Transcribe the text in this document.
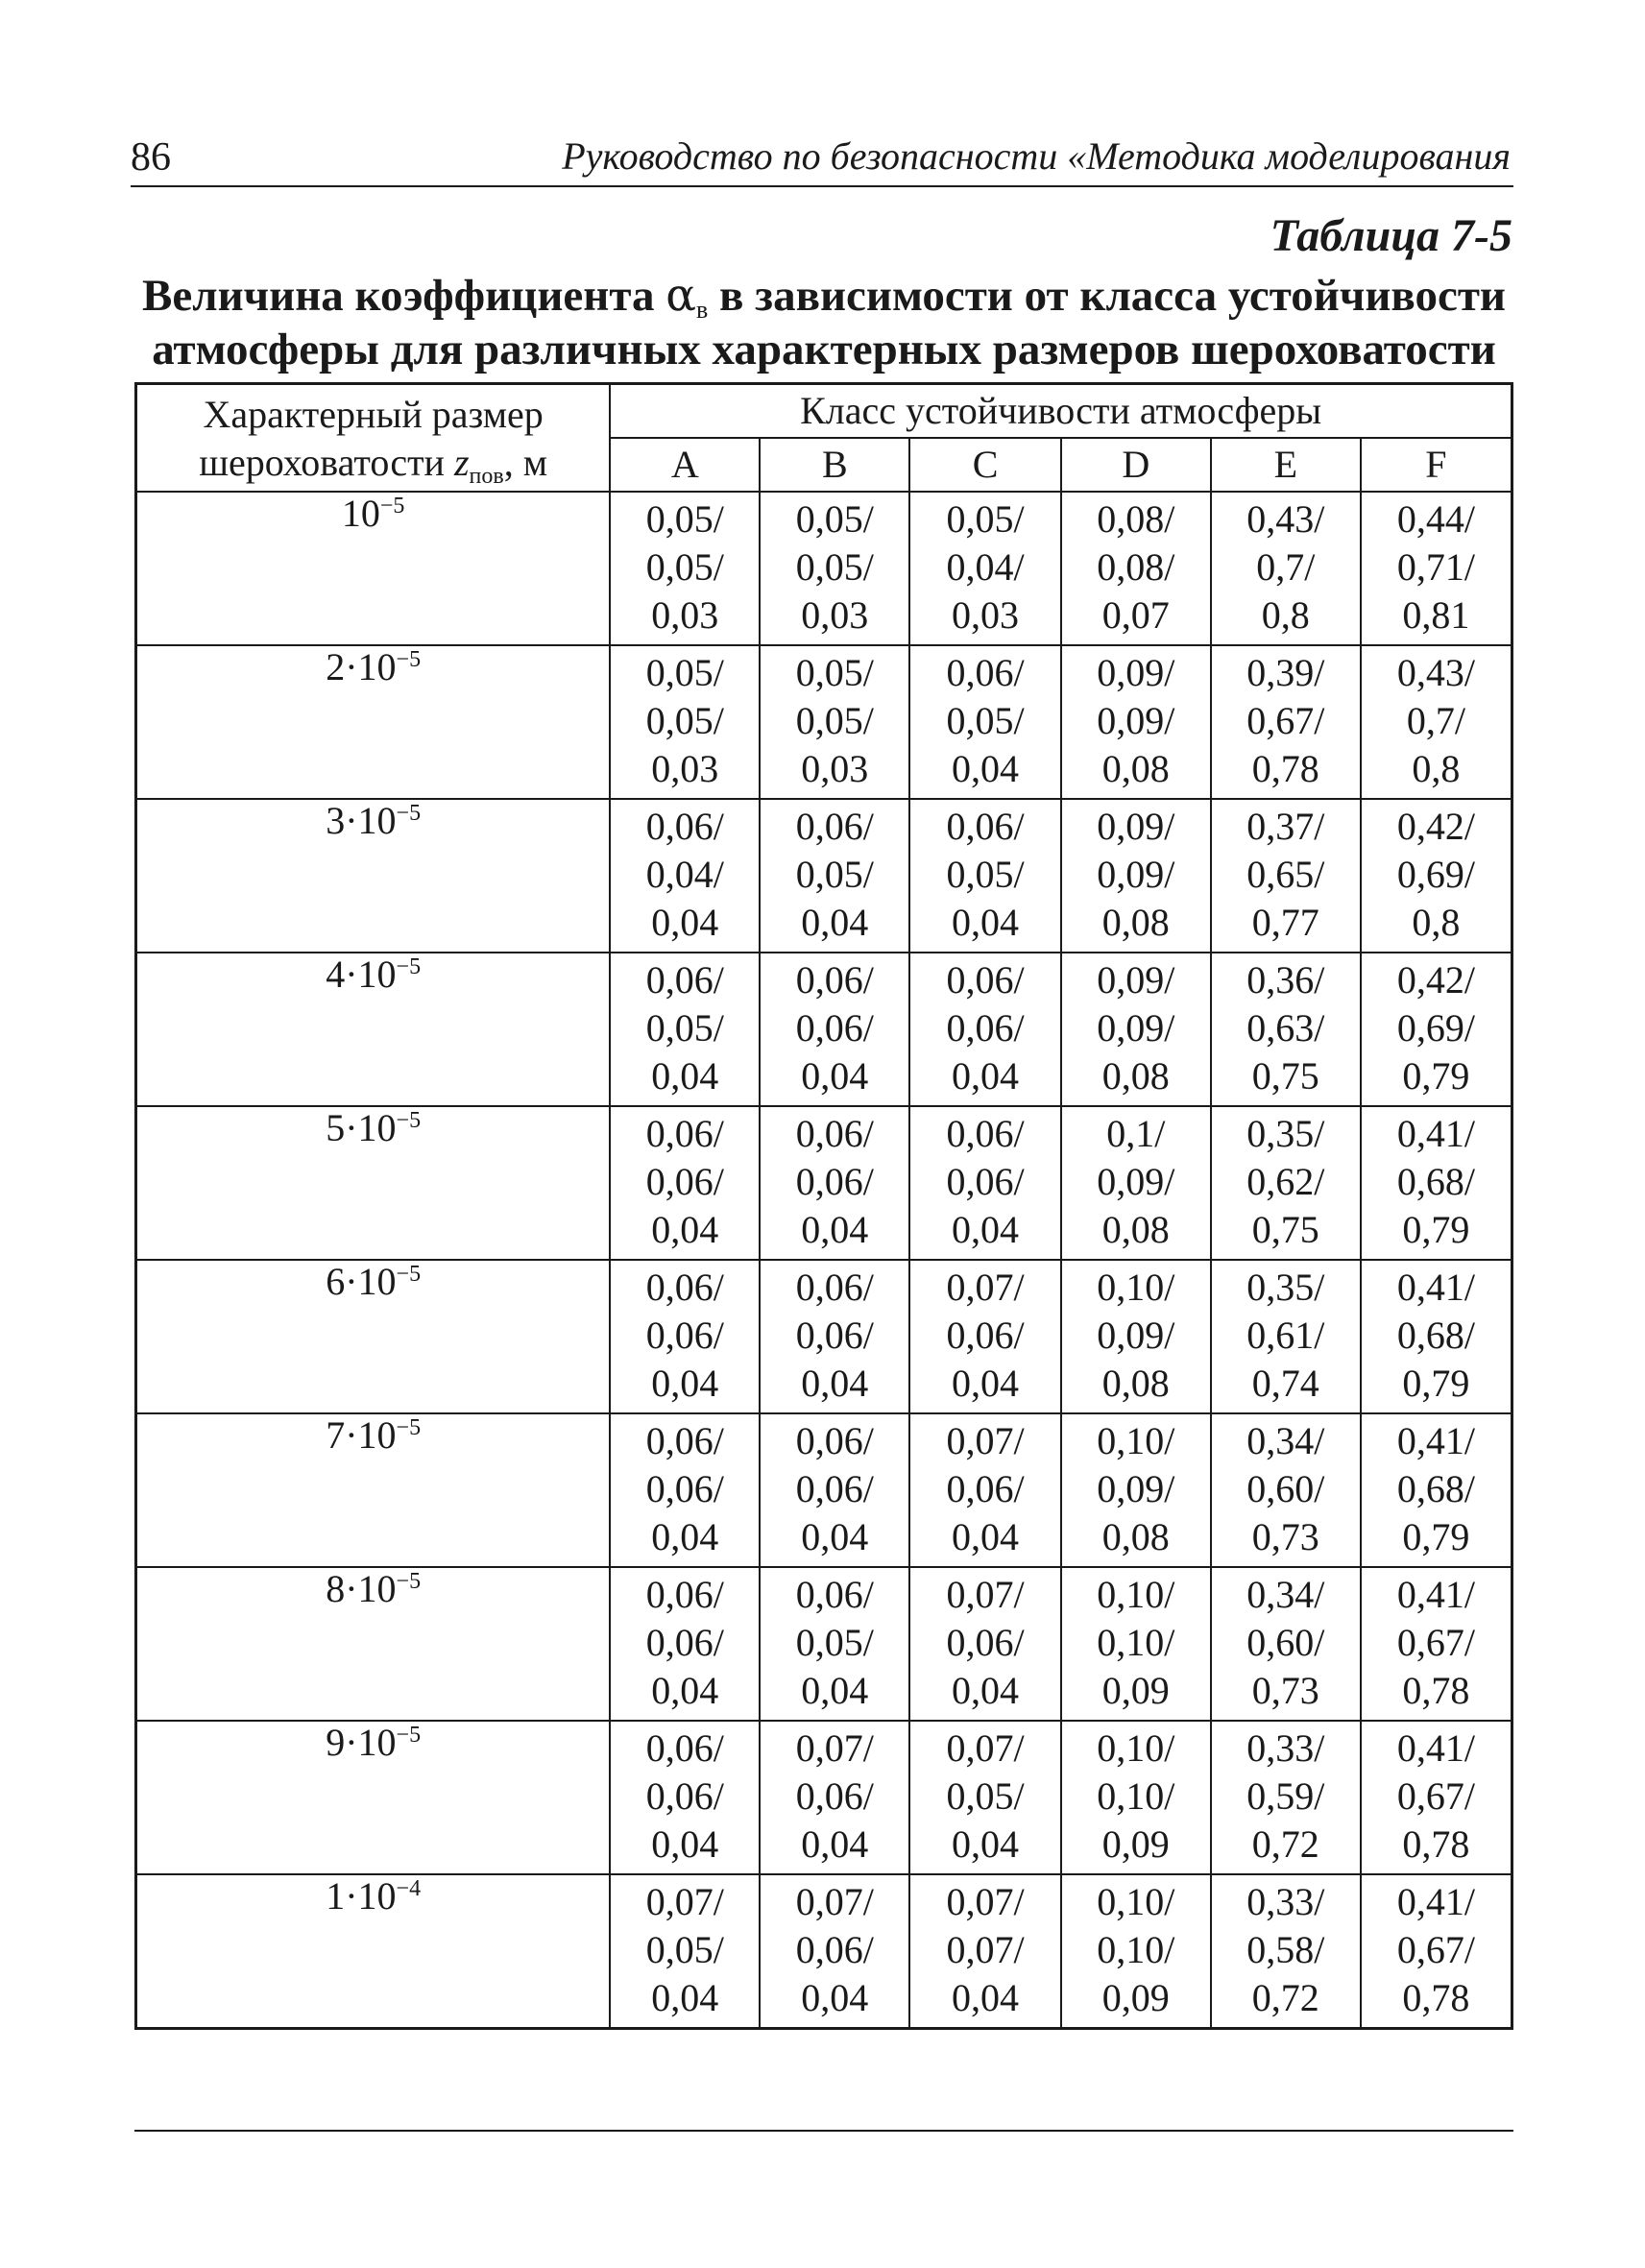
86	Руководство по безопасности «Методика моделирования
Таблица 7-5
Величина коэффициента $\alpha_в$ в зависимости от класса устойчивости
атмосферы для различных характерных размеров шероховатости
Характерный размер
шероховатости $z_{пов}$, м	Класс устойчивости атмосферы					
	A	B	C	D	E	F
$10^{-5}$	0,05/
0,05/
0,03	0,05/
0,05/
0,03	0,05/
0,04/
0,03	0,08/
0,08/
0,07	0,43/
0,7/
0,8	0,44/
0,71/
0,81

$2\cdot 10^{-5}$	0,05/
0,05/
0,03	0,05/
0,05/
0,03	0,06/
0,05/
0,04	0,09/
0,09/
0,08	0,39/
0,67/
0,78	0,43/
0,7/
0,8

$3\cdot 10^{-5}$	0,06/
0,04/
0,04	0,06/
0,05/
0,04	0,06/
0,05/
0,04	0,09/
0,09/
0,08	0,37/
0,65/
0,77	0,42/
0,69/
0,8

$4\cdot 10^{-5}$	0,06/
0,05/
0,04	0,06/
0,06/
0,04	0,06/
0,06/
0,04	0,09/
0,09/
0,08	0,36/
0,63/
0,75	0,42/
0,69/
0,79

$5\cdot 10^{-5}$	0,06/
0,06/
0,04	0,06/
0,06/
0,04	0,06/
0,06/
0,04	0,1/
0,09/
0,08	0,35/
0,62/
0,75	0,41/
0,68/
0,79

$6\cdot 10^{-5}$	0,06/
0,06/
0,04	0,06/
0,06/
0,04	0,07/
0,06/
0,04	0,10/
0,09/
0,08	0,35/
0,61/
0,74	0,41/
0,68/
0,79

$7\cdot 10^{-5}$	0,06/
0,06/
0,04	0,06/
0,06/
0,04	0,07/
0,06/
0,04	0,10/
0,09/
0,08	0,34/
0,60/
0,73	0,41/
0,68/
0,79

$8\cdot 10^{-5}$	0,06/
0,06/
0,04	0,06/
0,05/
0,04	0,07/
0,06/
0,04	0,10/
0,10/
0,09	0,34/
0,60/
0,73	0,41/
0,67/
0,78

$9\cdot 10^{-5}$	0,06/
0,06/
0,04	0,07/
0,06/
0,04	0,07/
0,05/
0,04	0,10/
0,10/
0,09	0,33/
0,59/
0,72	0,41/
0,67/
0,78

$1\cdot 10^{-4}$	0,07/
0,05/
0,04	0,07/
0,06/
0,04	0,07/
0,07/
0,04	0,10/
0,10/
0,09	0,33/
0,58/
0,72	0,41/
0,67/
0,78
